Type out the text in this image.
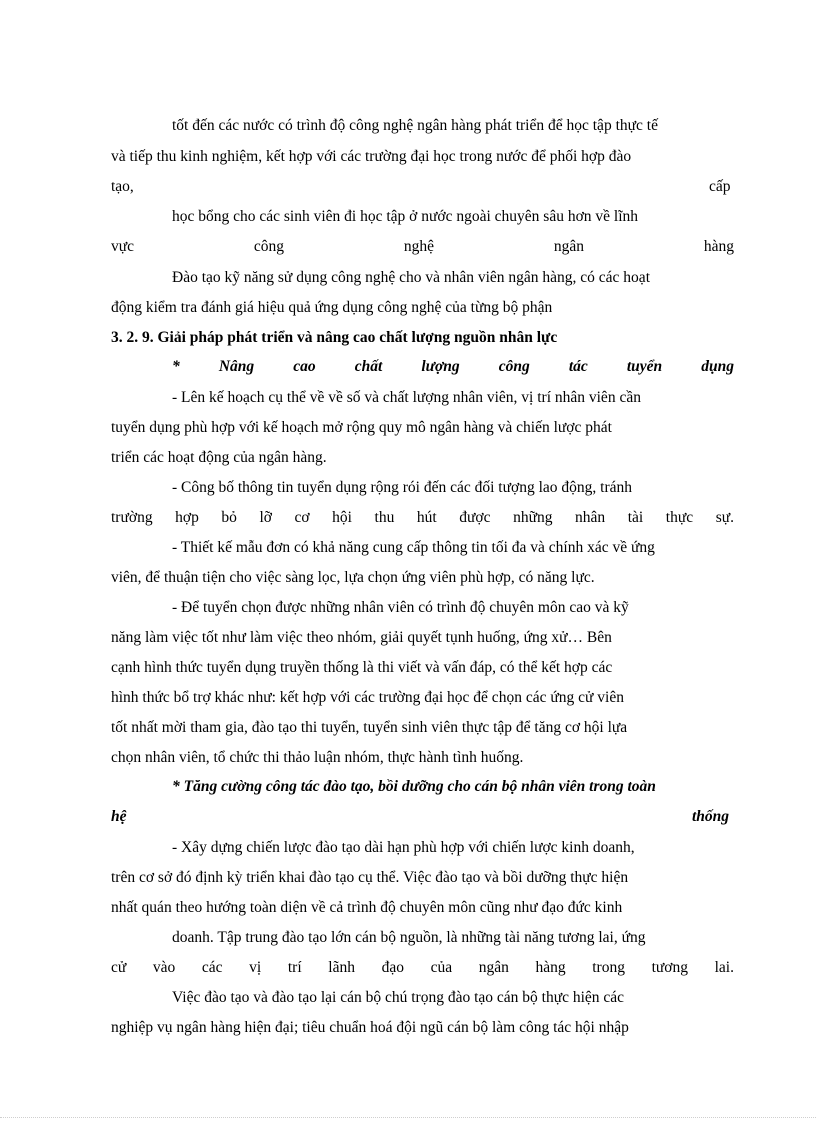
tốt đến các nước có trình độ công nghệ ngân hàng phát triển để học tập thực tế
và tiếp thu kinh nghiệm, kết hợp với các trường đại học trong nước để phối hợp đào
tạo,	cấp
học bổng cho các sinh viên đi học tập ở nước ngoài chuyên sâu hơn về lĩnh
vực công nghệ ngân hàng
Đào tạo kỹ năng sử dụng công nghệ cho và nhân viên ngân hàng, có các hoạt
động kiểm tra đánh giá hiệu quả ứng dụng công nghệ của từng bộ phận
3. 2. 9. Giải pháp phát triển và nâng cao chất lượng nguồn nhân lực
* Nâng cao chất lượng công tác tuyển dụng
- Lên kế hoạch cụ thể về về số và chất lượng nhân viên, vị trí nhân viên cần
tuyển dụng phù hợp với kế hoạch mở rộng quy mô ngân hàng và chiến lược phát
triển các hoạt động của ngân hàng.
- Công bố thông tin tuyển dụng rộng rói đến các đối tượng lao động, tránh
trường hợp bỏ lỡ cơ hội thu hút được những nhân tài thực sự.
- Thiết kế mẫu đơn có khả năng cung cấp thông tin tối đa và chính xác về ứng
viên, để thuận tiện cho việc sàng lọc, lựa chọn ứng viên phù hợp, có năng lực.
- Để tuyển chọn được những nhân viên có trình độ chuyên môn cao và kỹ
năng làm việc tốt như làm việc theo nhóm, giải quyết tụnh huống, ứng xử… Bên
cạnh hình thức tuyển dụng truyền thống là thi viết và vấn đáp, có thể kết hợp các
hình thức bổ trợ khác như: kết hợp với các trường đại học để chọn các ứng cử viên
tốt nhất mời tham gia, đào tạo thi tuyển, tuyển sinh viên thực tập để tăng cơ hội lựa
chọn nhân viên, tổ chức thi thảo luận nhóm, thực hành tình huống.
* Tăng cường công tác đào tạo, bồi dưỡng cho cán bộ nhân viên trong toàn
hệ	thống
- Xây dựng chiến lược đào tạo dài hạn phù hợp với chiến lược kinh doanh,
trên cơ sở đó định kỳ triển khai đào tạo cụ thể. Việc đào tạo và bồi dưỡng thực hiện
nhất quán theo hướng toàn diện về cả trình độ chuyên môn cũng như đạo đức kinh
doanh. Tập trung đào tạo lớn cán bộ nguồn, là những tài năng tương lai, ứng
cử vào các vị trí lãnh đạo của ngân hàng trong tương lai.
Việc đào tạo và đào tạo lại cán bộ chú trọng đào tạo cán bộ thực hiện các
nghiệp vụ ngân hàng hiện đại; tiêu chuẩn hoá đội ngũ cán bộ làm công tác hội nhập
